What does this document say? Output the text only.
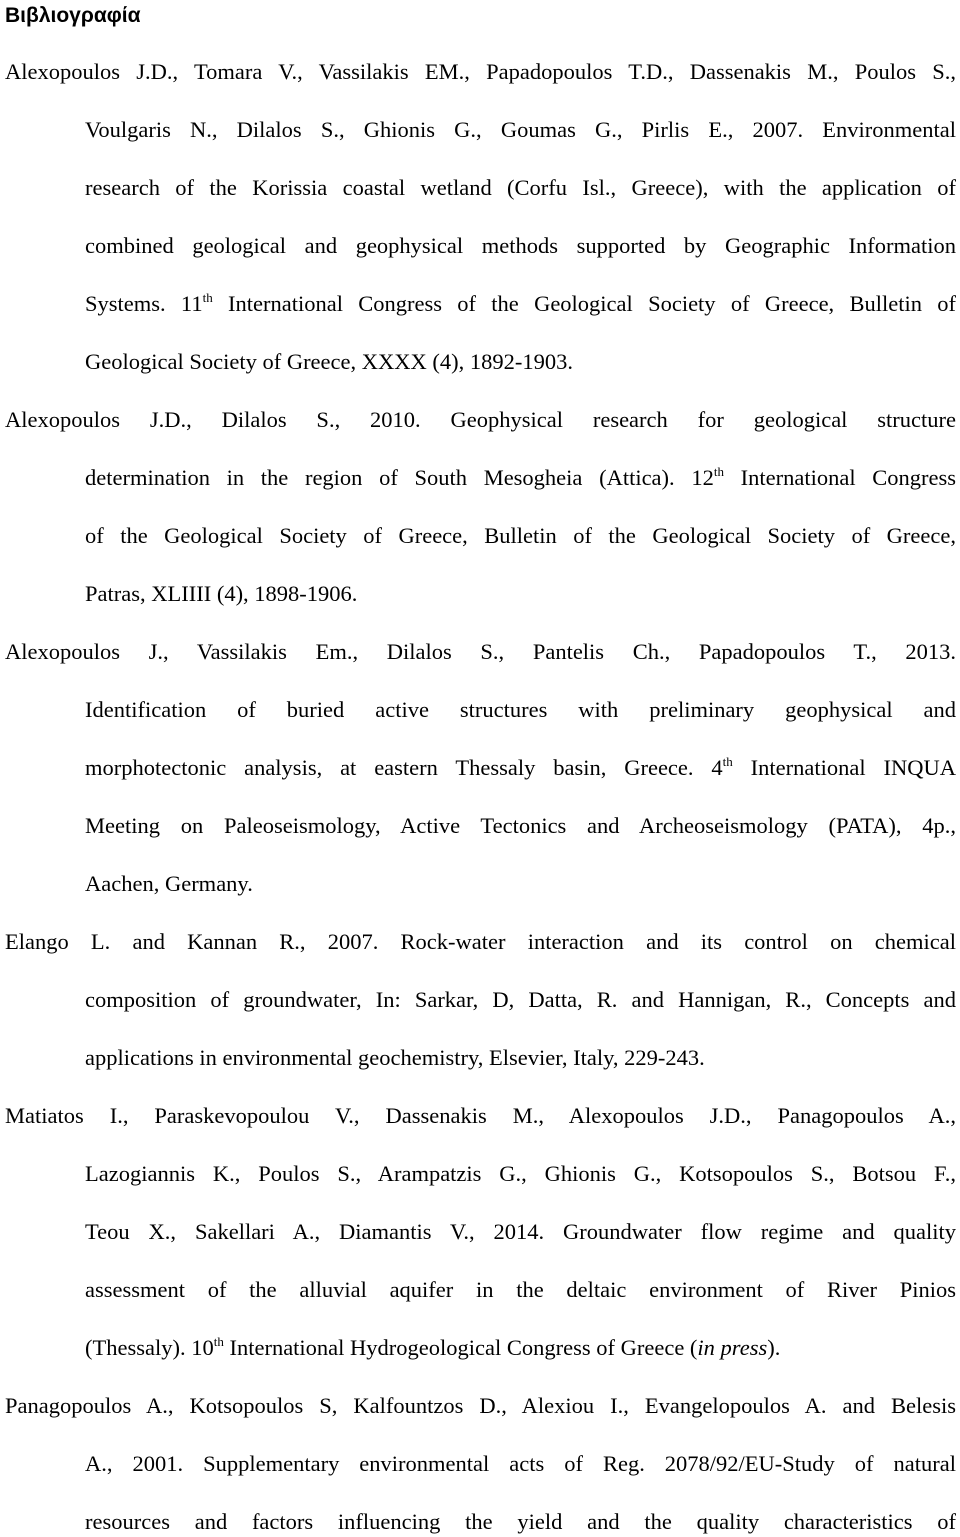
Βιβλιογραφία
Alexopoulos J.D., Tomara V., Vassilakis EM., Papadopoulos T.D., Dassenakis M., Poulos S.,
Voulgaris N., Dilalos S., Ghionis G., Goumas G., Pirlis E., 2007. Environmental
research of the Korissia coastal wetland (Corfu Isl., Greece), with the application of
combined geological and geophysical methods supported by Geographic Information
Systems. 11th International Congress of the Geological Society of Greece, Bulletin of
Geological Society of Greece, XXXX (4), 1892-1903.
Alexopoulos J.D., Dilalos S., 2010. Geophysical research for geological structure
determination in the region of South Mesogheia (Attica). 12th International Congress
of the Geological Society of Greece, Bulletin of the Geological Society of Greece,
Patras, XLIIII (4), 1898-1906.
Alexopoulos J., Vassilakis Em., Dilalos S., Pantelis Ch., Papadopoulos T., 2013.
Identification of buried active structures with preliminary geophysical and
morphotectonic analysis, at eastern Thessaly basin, Greece. 4th International INQUA
Meeting on Paleoseismology, Active Tectonics and Archeoseismology (PATA), 4p.,
Aachen, Germany.
Elango L. and Kannan R., 2007. Rock-water interaction and its control on chemical
composition of groundwater, In: Sarkar, D, Datta, R. and Hannigan, R., Concepts and
applications in environmental geochemistry, Elsevier, Italy, 229-243.
Matiatos I., Paraskevopoulou V., Dassenakis M., Alexopoulos J.D., Panagopoulos A.,
Lazogiannis K., Poulos S., Arampatzis G., Ghionis G., Kotsopoulos S., Botsou F.,
Teou X., Sakellari A., Diamantis V., 2014. Groundwater flow regime and quality
assessment of the alluvial aquifer in the deltaic environment of River Pinios
(Thessaly). 10th International Hydrogeological Congress of Greece (in press).
Panagopoulos A., Kotsopoulos S, Kalfountzos D., Alexiou I., Evangelopoulos A. and Belesis
A., 2001. Supplementary environmental acts of Reg. 2078/92/EU-Study of natural
resources and factors influencing the yield and the quality characteristics of
